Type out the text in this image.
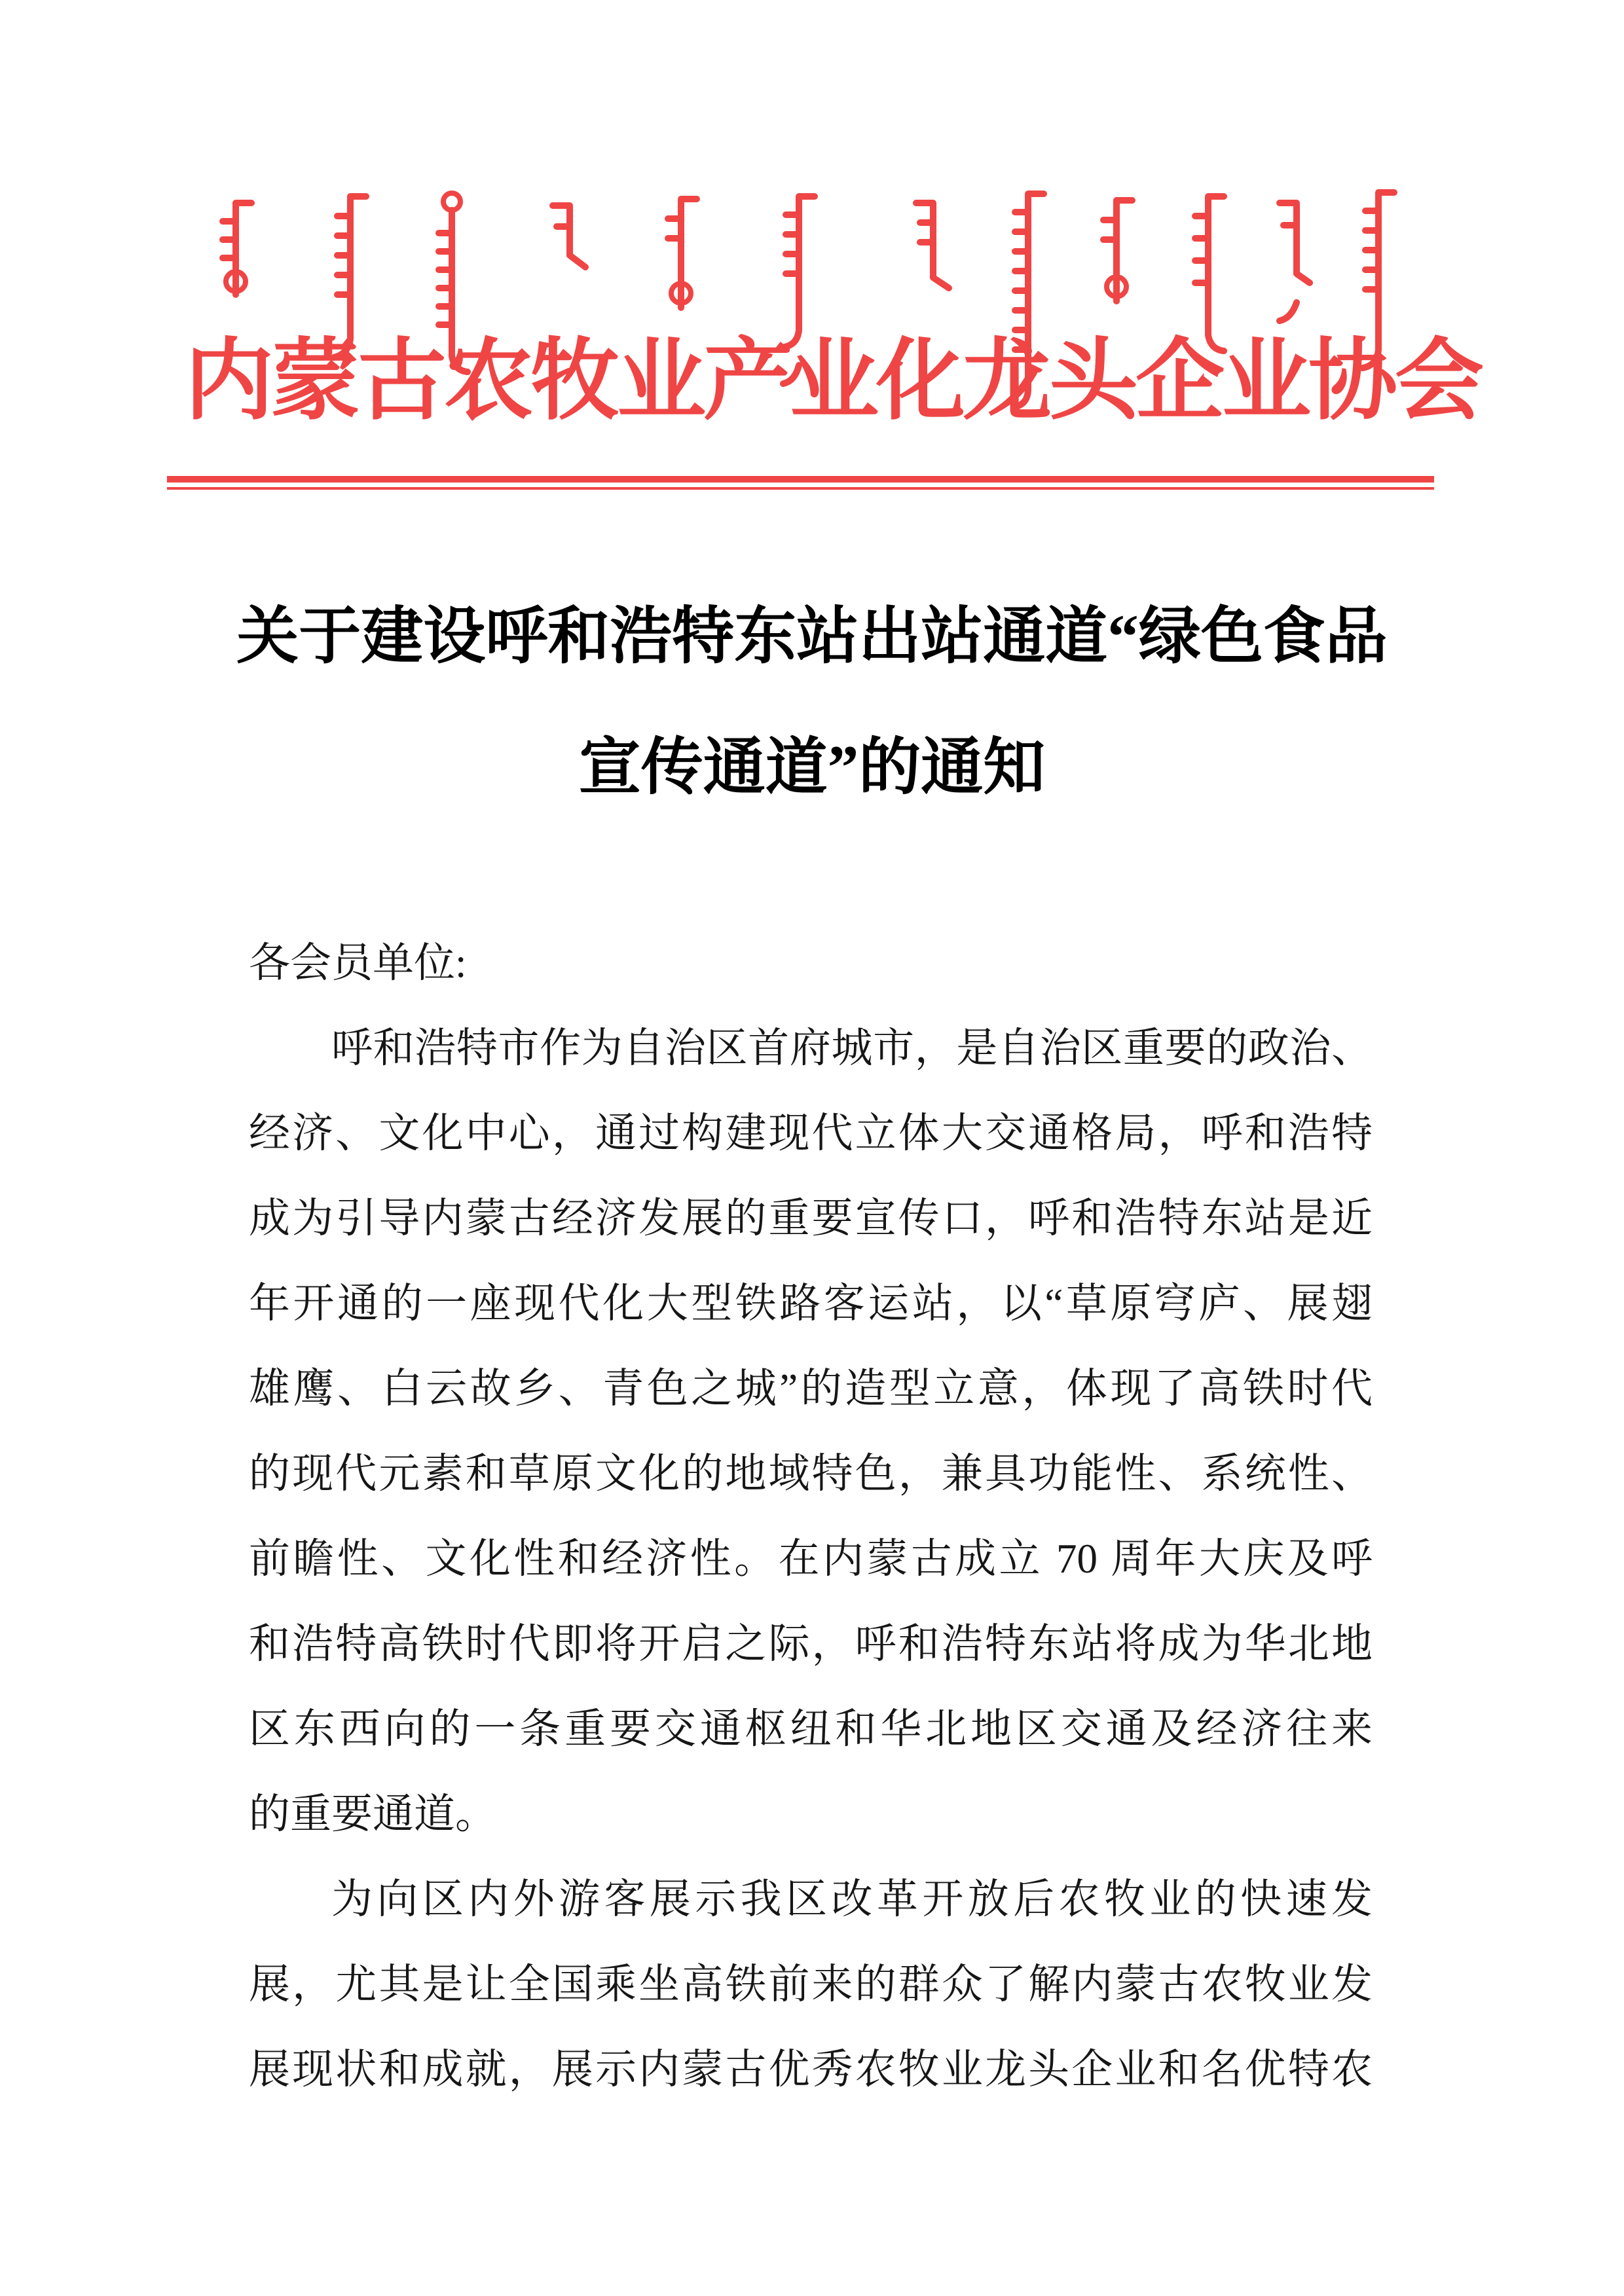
内蒙古农牧业产业化龙头企业协会

关于建设呼和浩特东站出站通道“绿色食品
宣传通道”的通知

各会员单位:

呼和浩特市作为自治区首府城市，是自治区重要的政治、

经济、文化中心，通过构建现代立体大交通格局，呼和浩特

成为引导内蒙古经济发展的重要宣传口，呼和浩特东站是近

年开通的一座现代化大型铁路客运站，以“草原穹庐、展翅

雄鹰、白云故乡、青色之城”的造型立意，体现了高铁时代

的现代元素和草原文化的地域特色，兼具功能性、系统性、

前瞻性、文化性和经济性。在内蒙古成立 70 周年大庆及呼

和浩特高铁时代即将开启之际，呼和浩特东站将成为华北地

区东西向的一条重要交通枢纽和华北地区交通及经济往来

的重要通道。

为向区内外游客展示我区改革开放后农牧业的快速发

展，尤其是让全国乘坐高铁前来的群众了解内蒙古农牧业发

展现状和成就，展示内蒙古优秀农牧业龙头企业和名优特农
